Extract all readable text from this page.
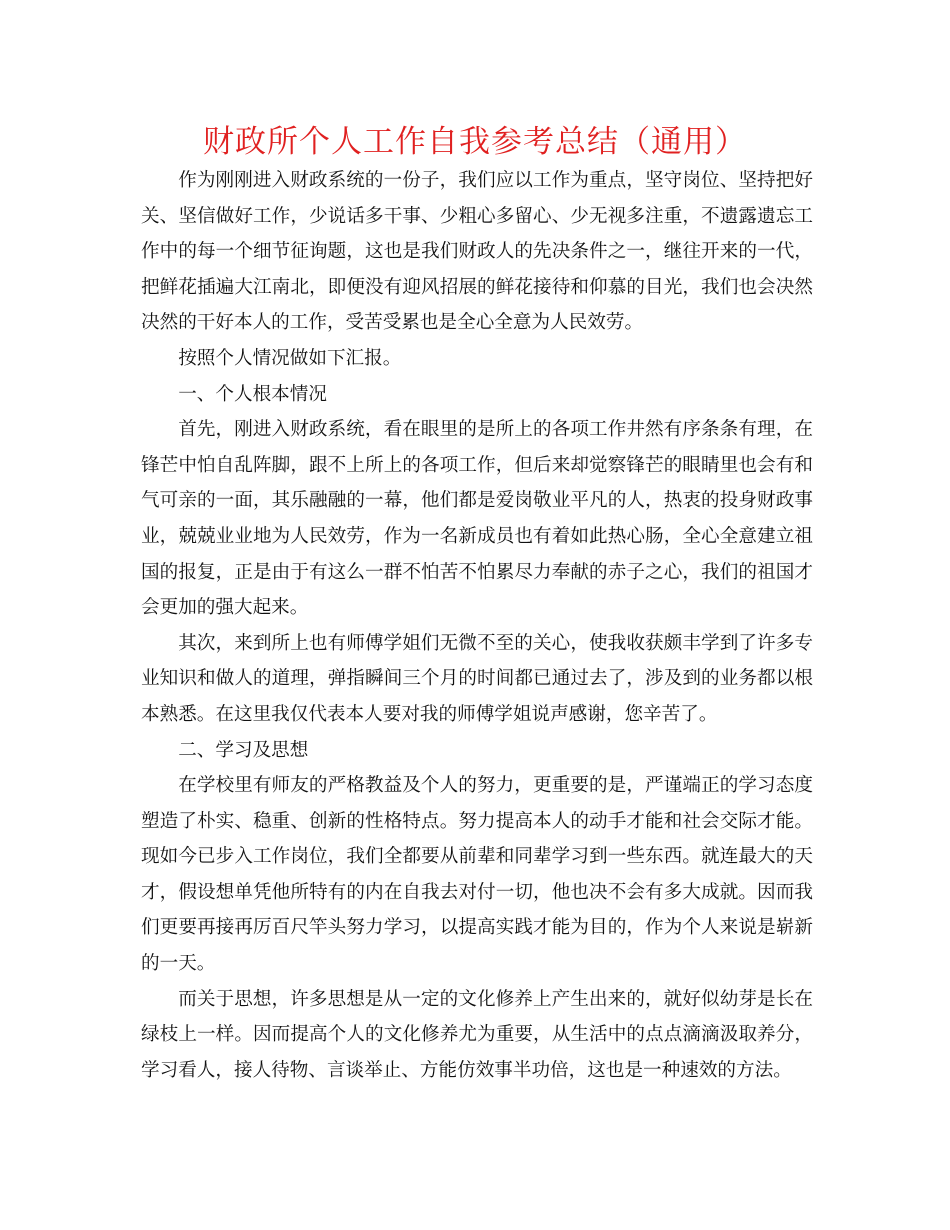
财政所个人工作自我参考总结（通用）

作为刚刚进入财政系统的一份子，我们应以工作为重点，坚守岗位、坚持把好关、坚信做好工作，少说话多干事、少粗心多留心、少无视多注重，不遗露遗忘工作中的每一个细节征询题，这也是我们财政人的先决条件之一，继往开来的一代，把鲜花插遍大江南北，即便没有迎风招展的鲜花接待和仰慕的目光，我们也会决然决然的干好本人的工作，受苦受累也是全心全意为人民效劳。

按照个人情况做如下汇报。

一、个人根本情况

首先，刚进入财政系统，看在眼里的是所上的各项工作井然有序条条有理，在锋芒中怕自乱阵脚，跟不上所上的各项工作，但后来却觉察锋芒的眼睛里也会有和气可亲的一面，其乐融融的一幕，他们都是爱岗敬业平凡的人，热衷的投身财政事业，兢兢业业地为人民效劳，作为一名新成员也有着如此热心肠，全心全意建立祖国的报复，正是由于有这么一群不怕苦不怕累尽力奉献的赤子之心，我们的祖国才会更加的强大起来。

其次，来到所上也有师傅学姐们无微不至的关心，使我收获颇丰学到了许多专业知识和做人的道理，弹指瞬间三个月的时间都已通过去了，涉及到的业务都以根本熟悉。在这里我仅代表本人要对我的师傅学姐说声感谢，您辛苦了。

二、学习及思想

在学校里有师友的严格教益及个人的努力，更重要的是，严谨端正的学习态度塑造了朴实、稳重、创新的性格特点。努力提高本人的动手才能和社会交际才能。现如今已步入工作岗位，我们全都要从前辈和同辈学习到一些东西。就连最大的天才，假设想单凭他所特有的内在自我去对付一切，他也决不会有多大成就。因而我们更要再接再厉百尺竿头努力学习，以提高实践才能为目的，作为个人来说是崭新的一天。

而关于思想，许多思想是从一定的文化修养上产生出来的，就好似幼芽是长在绿枝上一样。因而提高个人的文化修养尤为重要，从生活中的点点滴滴汲取养分，学习看人，接人待物、言谈举止、方能仿效事半功倍，这也是一种速效的方法。
